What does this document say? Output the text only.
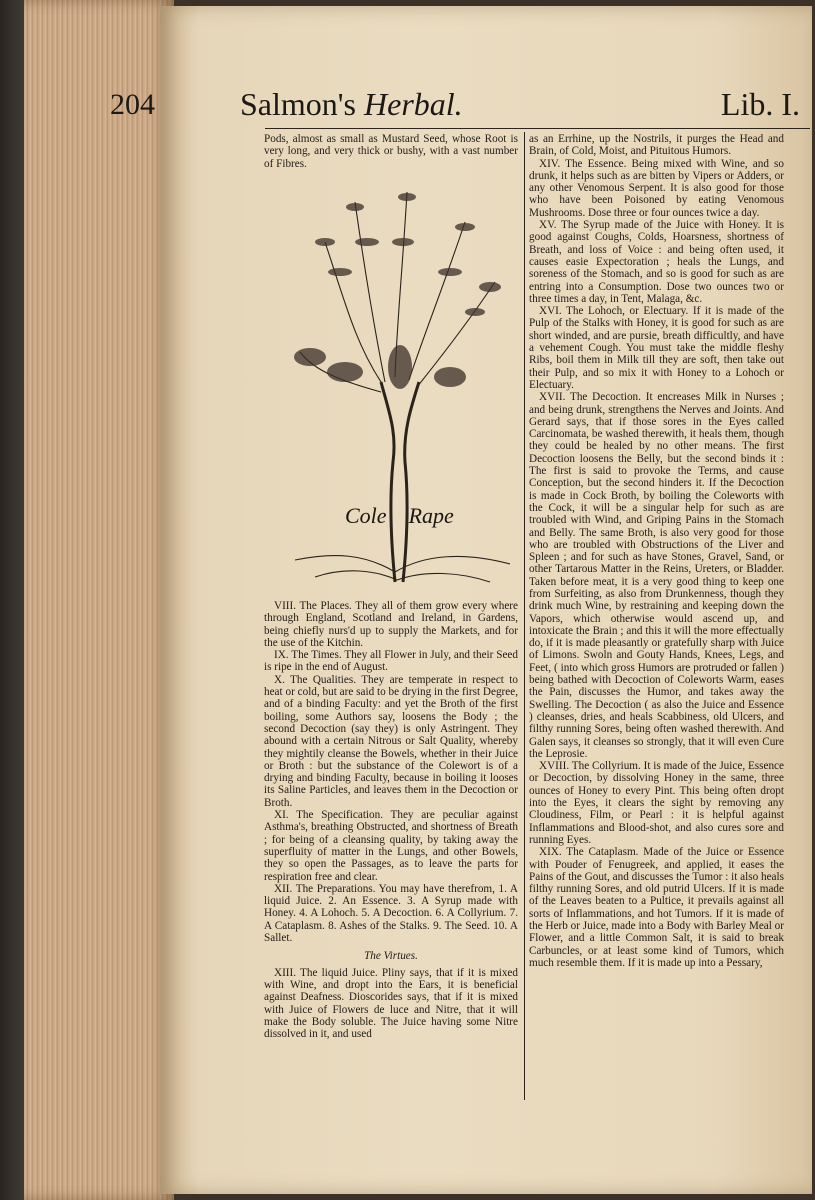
204	Salmon's Herbal.	Lib. I.

Pods, almost as small as Mustard Seed, whose Root is very long, and very thick or bushy, with a vast number of Fibres.

Cole Rape

VIII. The Places. They all of them grow every where through England, Scotland and Ireland, in Gardens, being chiefly nurs'd up to supply the Markets, and for the use of the Kitchin.

IX. The Times. They all Flower in July, and their Seed is ripe in the end of August.

X. The Qualities. They are temperate in respect to heat or cold, but are said to be drying in the first Degree, and of a binding Faculty: and yet the Broth of the first boiling, some Authors say, loosens the Body ; the second Decoction (say they) is only Astringent. They abound with a certain Nitrous or Salt Quality, whereby they mightily cleanse the Bowels, whether in their Juice or Broth : but the substance of the Colewort is of a drying and binding Faculty, because in boiling it looses its Saline Particles, and leaves them in the Decoction or Broth.

XI. The Specification. They are peculiar against Asthma's, breathing Obstructed, and shortness of Breath ; for being of a cleansing quality, by taking away the superfluity of matter in the Lungs, and other Bowels, they so open the Passages, as to leave the parts for respiration free and clear.

XII. The Preparations. You may have therefrom, 1. A liquid Juice. 2. An Essence. 3. A Syrup made with Honey. 4. A Lohoch. 5. A Decoction. 6. A Collyrium. 7. A Cataplasm. 8. Ashes of the Stalks. 9. The Seed. 10. A Sallet.

The Virtues.

XIII. The liquid Juice. Pliny says, that if it is mixed with Wine, and dropt into the Ears, it is beneficial against Deafness. Dioscorides says, that if it is mixed with Juice of Flowers de luce and Nitre, that it will make the Body soluble. The Juice having some Nitre dissolved in it, and used

as an Errhine, up the Nostrils, it purges the Head and Brain, of Cold, Moist, and Pituitous Humors.

XIV. The Essence. Being mixed with Wine, and so drunk, it helps such as are bitten by Vipers or Adders, or any other Venomous Serpent. It is also good for those who have been Poisoned by eating Venomous Mushrooms. Dose three or four ounces twice a day.

XV. The Syrup made of the Juice with Honey. It is good against Coughs, Colds, Hoarsness, shortness of Breath, and loss of Voice : and being often used, it causes easie Expectoration ; heals the Lungs, and soreness of the Stomach, and so is good for such as are entring into a Consumption. Dose two ounces two or three times a day, in Tent, Malaga, &c.

XVI. The Lohoch, or Electuary. If it is made of the Pulp of the Stalks with Honey, it is good for such as are short winded, and are pursie, breath difficultly, and have a vehement Cough. You must take the middle fleshy Ribs, boil them in Milk till they are soft, then take out their Pulp, and so mix it with Honey to a Lohoch or Electuary.

XVII. The Decoction. It encreases Milk in Nurses ; and being drunk, strengthens the Nerves and Joints. And Gerard says, that if those sores in the Eyes called Carcinomata, be washed therewith, it heals them, though they could be healed by no other means. The first Decoction loosens the Belly, but the second binds it : The first is said to provoke the Terms, and cause Conception, but the second hinders it. If the Decoction is made in Cock Broth, by boiling the Coleworts with the Cock, it will be a singular help for such as are troubled with Wind, and Griping Pains in the Stomach and Belly. The same Broth, is also very good for those who are troubled with Obstructions of the Liver and Spleen ; and for such as have Stones, Gravel, Sand, or other Tartarous Matter in the Reins, Ureters, or Bladder. Taken before meat, it is a very good thing to keep one from Surfeiting, as also from Drunkenness, though they drink much Wine, by restraining and keeping down the Vapors, which otherwise would ascend up, and intoxicate the Brain ; and this it will the more effectually do, if it is made pleasantly or gratefully sharp with Juice of Limons. Swoln and Gouty Hands, Knees, Legs, and Feet, ( into which gross Humors are protruded or fallen ) being bathed with Decoction of Coleworts Warm, eases the Pain, discusses the Humor, and takes away the Swelling. The Decoction ( as also the Juice and Essence ) cleanses, dries, and heals Scabbiness, old Ulcers, and filthy running Sores, being often washed therewith. And Galen says, it cleanses so strongly, that it will even Cure the Leprosie.

XVIII. The Collyrium. It is made of the Juice, Essence or Decoction, by dissolving Honey in the same, three ounces of Honey to every Pint. This being often dropt into the Eyes, it clears the sight by removing any Cloudiness, Film, or Pearl : it is helpful against Inflammations and Blood-shot, and also cures sore and running Eyes.

XIX. The Cataplasm. Made of the Juice or Essence with Pouder of Fenugreek, and applied, it eases the Pains of the Gout, and discusses the Tumor : it also heals filthy running Sores, and old putrid Ulcers. If it is made of the Leaves beaten to a Pultice, it prevails against all sorts of Inflammations, and hot Tumors. If it is made of the Herb or Juice, made into a Body with Barley Meal or Flower, and a little Common Salt, it is said to break Carbuncles, or at least some kind of Tumors, which much resemble them. If it is made up into a Pessary,
